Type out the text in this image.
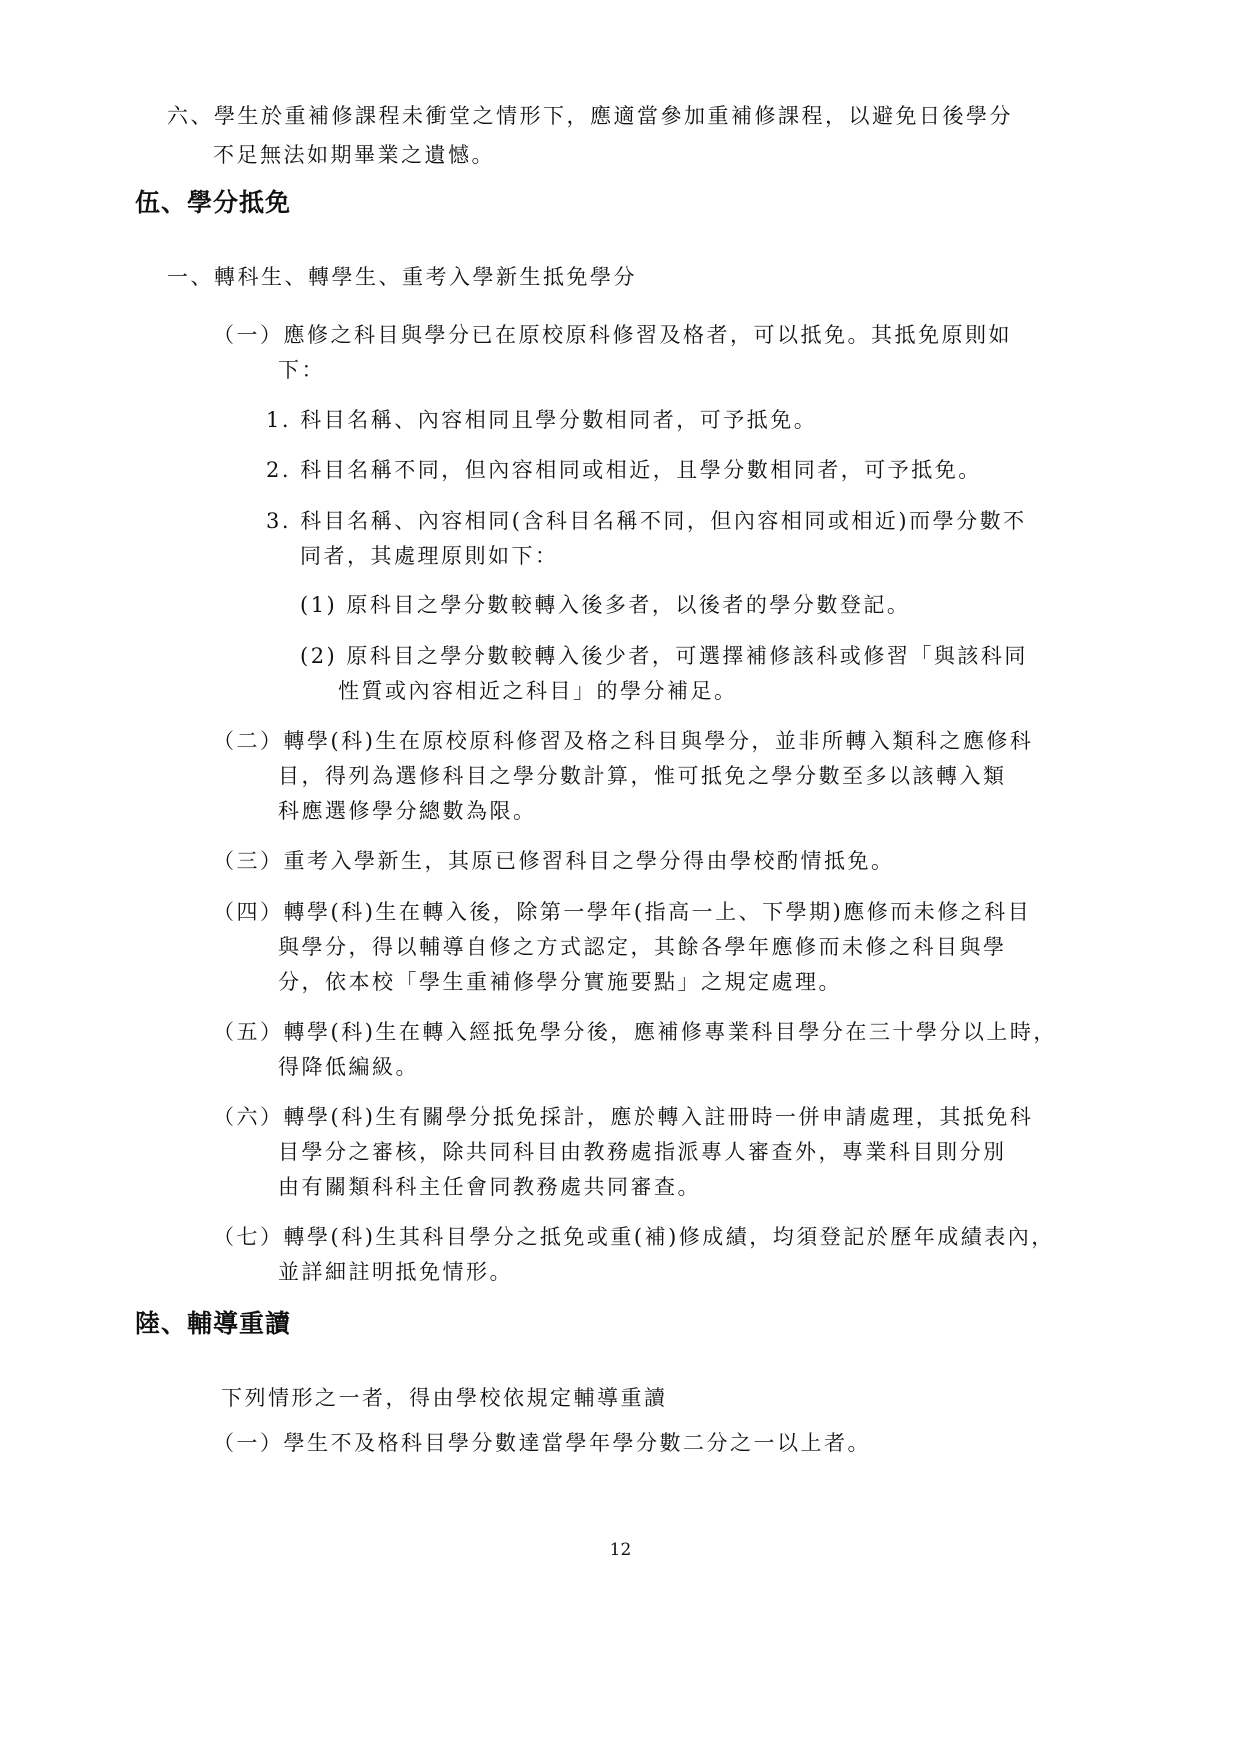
六、學生於重補修課程未衝堂之情形下，應適當參加重補修課程，以避免日後學分
不足無法如期畢業之遺憾。
伍、學分抵免
一、轉科生、轉學生、重考入學新生抵免學分
（一）應修之科目與學分已在原校原科修習及格者，可以抵免。其抵免原則如
下：
1. 科目名稱、內容相同且學分數相同者，可予抵免。
2. 科目名稱不同，但內容相同或相近，且學分數相同者，可予抵免。
3. 科目名稱、內容相同(含科目名稱不同，但內容相同或相近)而學分數不
同者，其處理原則如下：
(1) 原科目之學分數較轉入後多者，以後者的學分數登記。
(2) 原科目之學分數較轉入後少者，可選擇補修該科或修習「與該科同
性質或內容相近之科目」的學分補足。
（二）轉學(科)生在原校原科修習及格之科目與學分，並非所轉入類科之應修科
目，得列為選修科目之學分數計算，惟可抵免之學分數至多以該轉入類
科應選修學分總數為限。
（三）重考入學新生，其原已修習科目之學分得由學校酌情抵免。
（四）轉學(科)生在轉入後，除第一學年(指高一上、下學期)應修而未修之科目
與學分，得以輔導自修之方式認定，其餘各學年應修而未修之科目與學
分，依本校「學生重補修學分實施要點」之規定處理。
（五）轉學(科)生在轉入經抵免學分後，應補修專業科目學分在三十學分以上時，
得降低編級。
（六）轉學(科)生有關學分抵免採計，應於轉入註冊時一併申請處理，其抵免科
目學分之審核，除共同科目由教務處指派專人審查外，專業科目則分別
由有關類科科主任會同教務處共同審查。
（七）轉學(科)生其科目學分之抵免或重(補)修成績，均須登記於歷年成績表內，
並詳細註明抵免情形。
陸、輔導重讀
下列情形之一者，得由學校依規定輔導重讀
（一）學生不及格科目學分數達當學年學分數二分之一以上者。
12
